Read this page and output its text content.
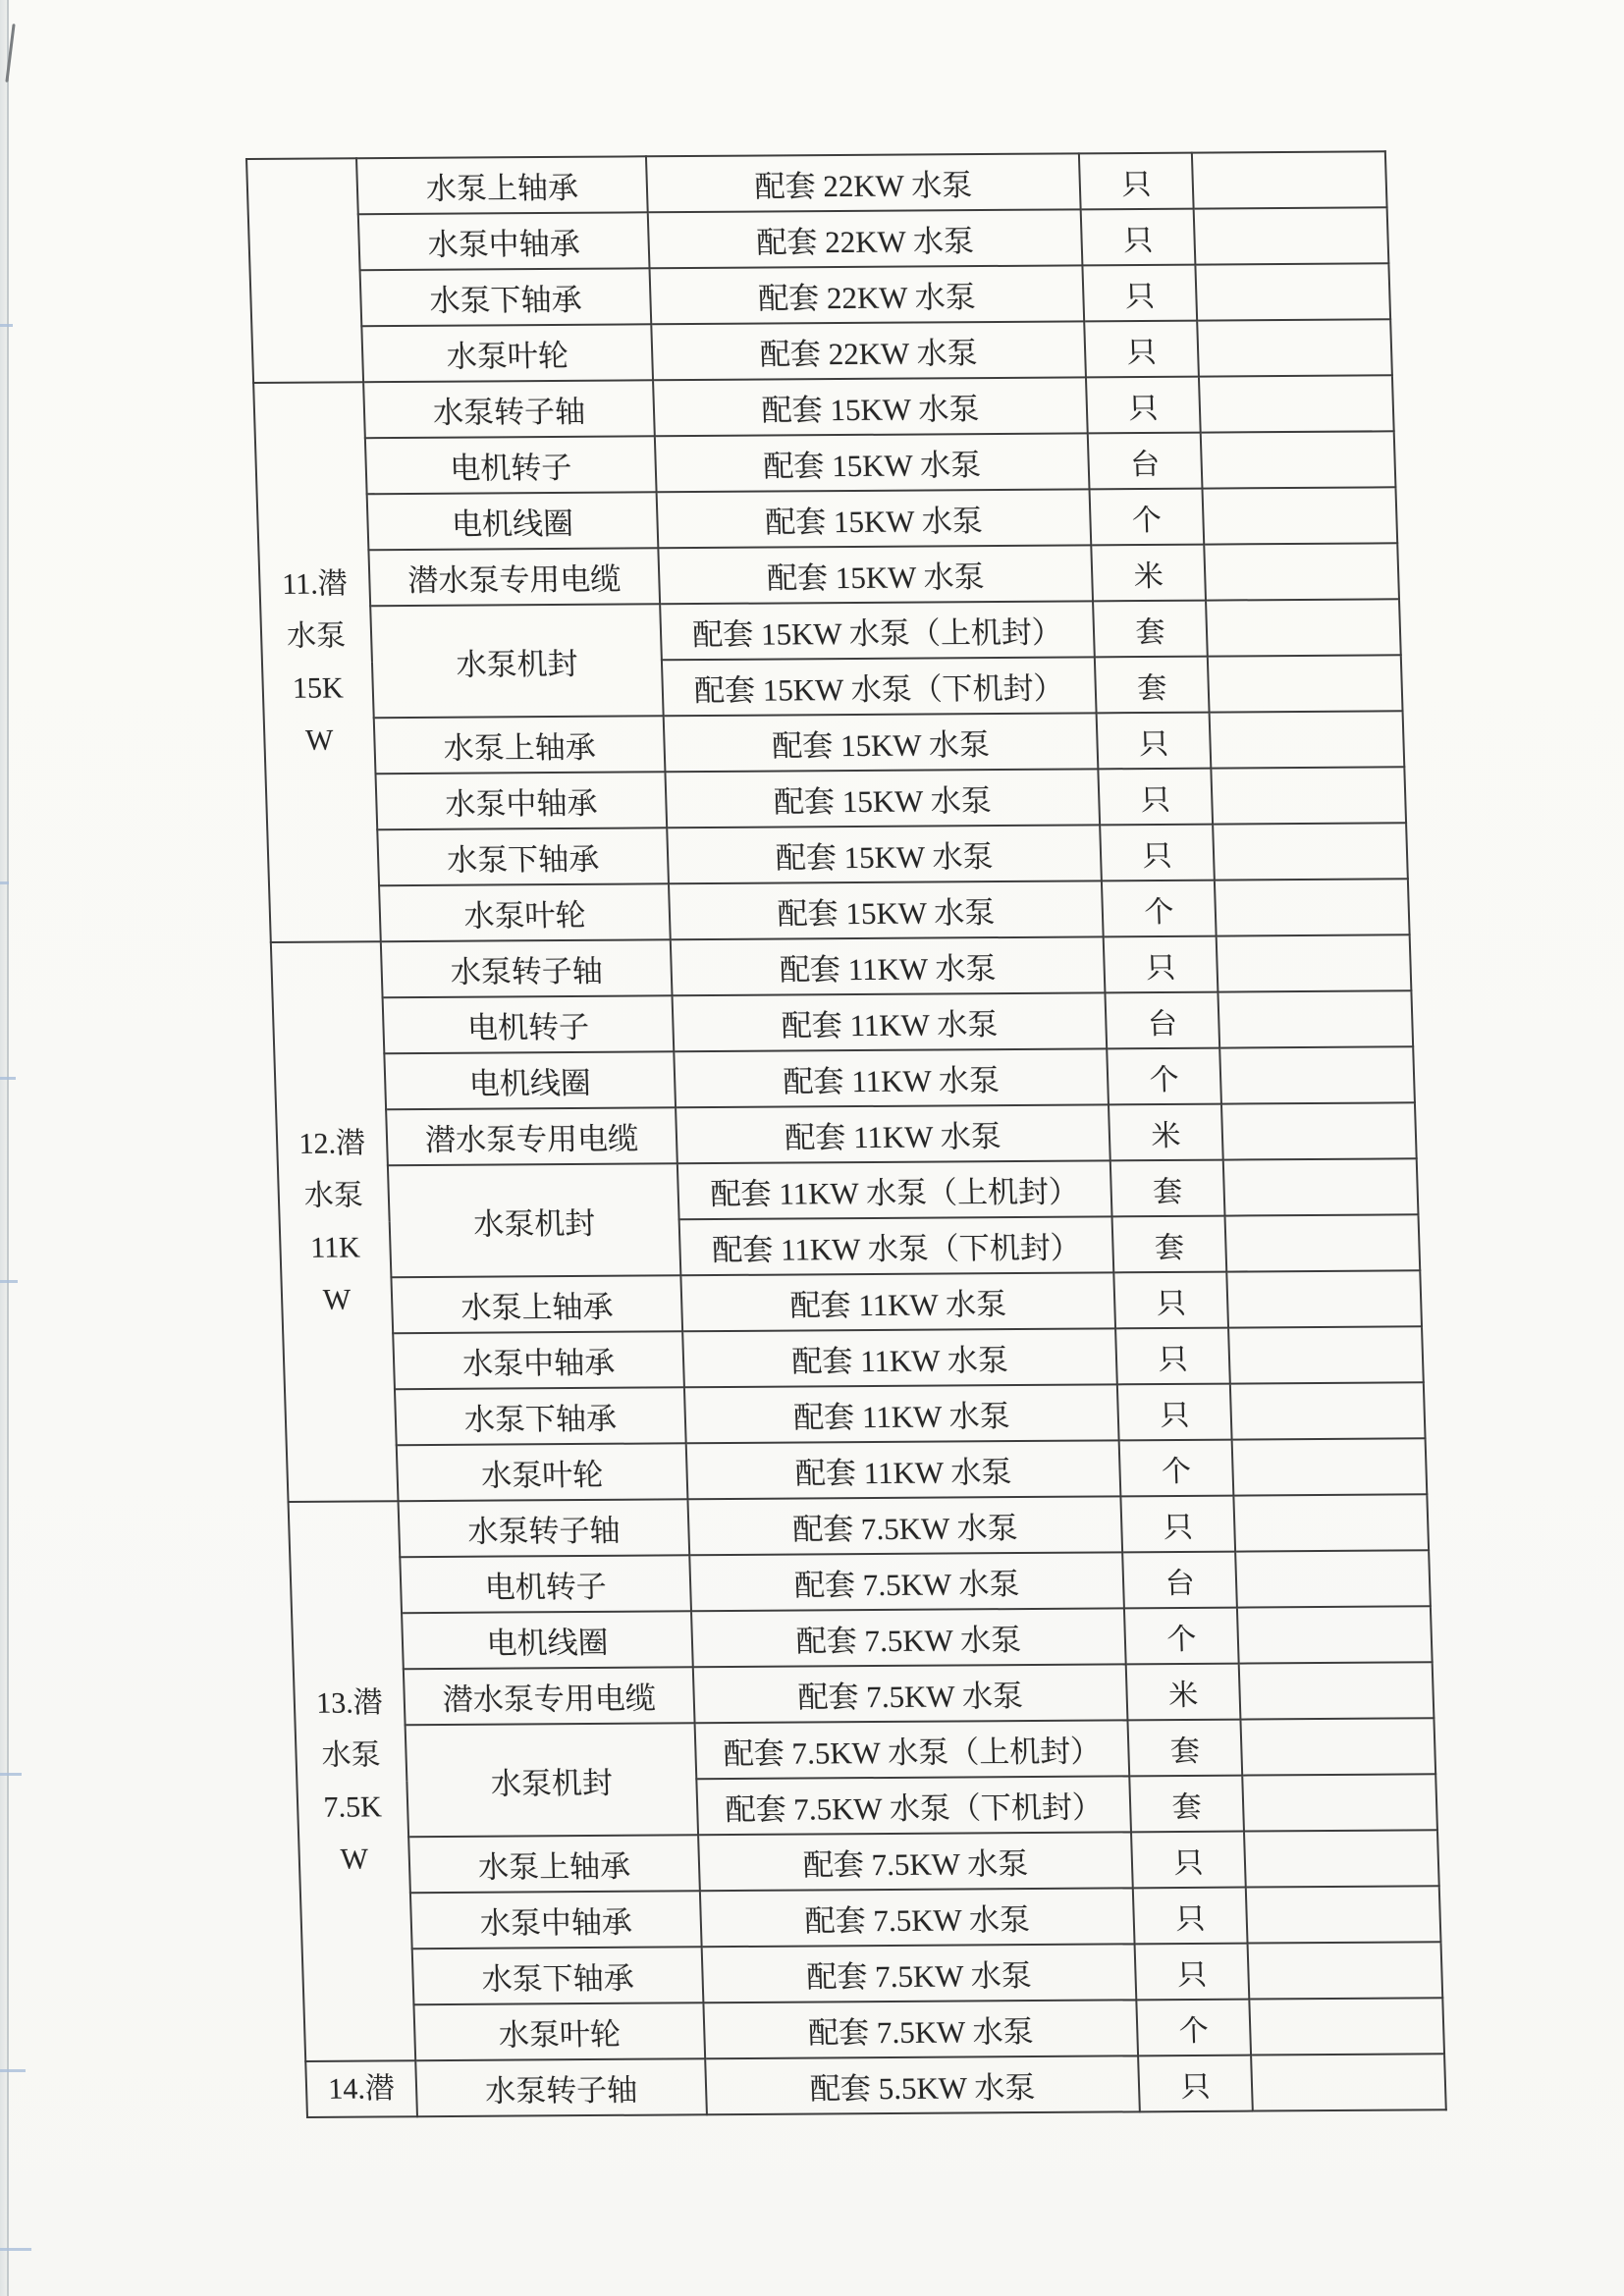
	水泵上轴承	配套 22KW 水泵	只	
	水泵中轴承	配套 22KW 水泵	只	
	水泵下轴承	配套 22KW 水泵	只	
	水泵叶轮	配套 22KW 水泵	只	

11.潜
水泵
15K
W	水泵转子轴	配套 15KW 水泵	只	
	电机转子	配套 15KW 水泵	台	
	电机线圈	配套 15KW 水泵	个	
	潜水泵专用电缆	配套 15KW 水泵	米	
	水泵机封	配套 15KW 水泵（上机封）	套	
		配套 15KW 水泵（下机封）	套	
	水泵上轴承	配套 15KW 水泵	只	
	水泵中轴承	配套 15KW 水泵	只	
	水泵下轴承	配套 15KW 水泵	只	
	水泵叶轮	配套 15KW 水泵	个	

12.潜
水泵
11K
W	水泵转子轴	配套 11KW 水泵	只	
	电机转子	配套 11KW 水泵	台	
	电机线圈	配套 11KW 水泵	个	
	潜水泵专用电缆	配套 11KW 水泵	米	
	水泵机封	配套 11KW 水泵（上机封）	套	
		配套 11KW 水泵（下机封）	套	
	水泵上轴承	配套 11KW 水泵	只	
	水泵中轴承	配套 11KW 水泵	只	
	水泵下轴承	配套 11KW 水泵	只	
	水泵叶轮	配套 11KW 水泵	个	

13.潜
水泵
7.5K
W	水泵转子轴	配套 7.5KW 水泵	只	
	电机转子	配套 7.5KW 水泵	台	
	电机线圈	配套 7.5KW 水泵	个	
	潜水泵专用电缆	配套 7.5KW 水泵	米	
	水泵机封	配套 7.5KW 水泵（上机封）	套	
		配套 7.5KW 水泵（下机封）	套	
	水泵上轴承	配套 7.5KW 水泵	只	
	水泵中轴承	配套 7.5KW 水泵	只	
	水泵下轴承	配套 7.5KW 水泵	只	
	水泵叶轮	配套 7.5KW 水泵	个	

14.潜	水泵转子轴	配套 5.5KW 水泵	只	
